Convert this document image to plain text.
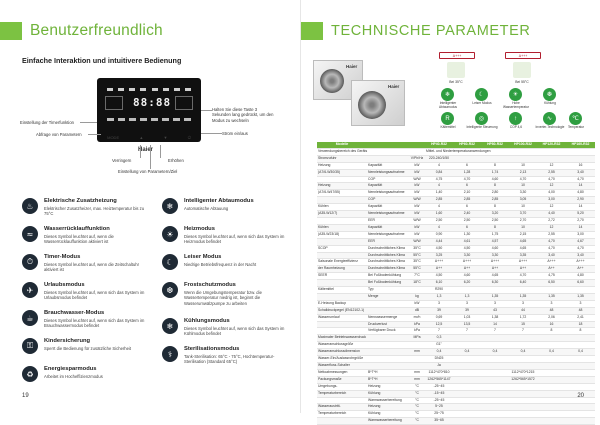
Benutzerfreundlich
Einfache Interaktion und intuitivere Bedienung
88:88
MODE	▲	▼	⏻
Haier
Einstellung der Timerfunktion
Abfrage von Parametern
Halten Sie diese Taste 3 Sekunden lang gedrückt, um den Modus zu wechseln
Strom ein/aus
Verringern	Erhöhen
Einstellung von Parametern/Ziel
♨
Elektrische Zusatzheizung
Elektrischer Zusatzheizer, max. Heiztemperatur bis zu 75°C
❄
Intelligenter Abtaumodus
Automatische Abtauung
≈
Wasserrücklauffunktion
Dieses Symbol leuchtet auf, wenn die Wasserrücklauffunktion aktiviert ist
☀
Heizmodus
Dieses Symbol leuchtet auf, wenn sich das System im Heizmodus befindet
⏱	Timer-Modus
Dieses Symbol leuchtet auf, wenn die Zeitschaltuhr aktiviert ist
☾
Leiser Modus
Niedrige Betriebsfrequenz in der Nacht
✈
Urlaubsmodus
Dieses Symbol leuchtet auf, wenn sich das System im Urlaubsmodus befindet
❆
Frostschutzmodus
Wenn die Umgebungstemperatur bzw. die Wassertemperatur niedrig ist, beginnt die Wasserumwälzpumpe zu arbeiten
☕
Brauchwasser-Modus
Dieses Symbol leuchtet auf, wenn sich das System im Brauchwassermodus befindet	❄
Kühlungsmodus
Dieses Symbol leuchtet auf, wenn sich das System im Kühlmodus befindet
⚿	Kindersicherung
Sperrt die Bedienung für zusätzliche Sicherheit
⚕
Sterilisationsmodus
Tank-Sterilisation: 65°C - 75°C, Hochtemperatur-Sterilisation (Standard 65°C)
♻
Energiesparmodus
Arbeitet im Hocheffizienzmodus
19
TECHNISCHE PARAMETER
Haier
Haier
A+++	A+++
Bei 35°C	Bei 55°C
❄
Intelligenter Abtaumodus
☾
Leiser Modus
☀
Hohe Wassertemperatur
❆
Kühlung
R
Kältemittel
◎
Intelligente Steuerung
↑
COP 4,6
∿
Inverter-Technologie
℃
Temperatur
Modelle			HP40-R32	HP60-R32	HP80-R32	HP100-R32	HP120-R32	HP160-R32
Verwendungsbereich des Geräts			Mittel- und Niedertemperaturanwendungen					
Stromzufuhr		V/Ph/Hz	220-240/1/50					
Heizung	Kapazität	kW	4	6	8	10	12	16
(A7/6-W30/35)	Nennleistungsaufnahme	kW	0,84	1,28	1,74	2,13	2,55	3,40
	COP	W/W	4,75	4,70	4,60	4,70	4,70	4,70
Heizung	Kapazität	kW	4	6	8	10	12	14
(A7/6-W47/55)	Nennleistungsaufnahme	kW	1,40	2,10	2,80	3,30	4,00	4,80
	COP	W/W	2,85	2,85	2,85	3,05	3,00	2,90
Kühlen	Kapazität	kW	4	6	8	10	12	14
(A35-W12/7)	Nennleistungsaufnahme	kW	1,60	2,40	3,20	3,70	4,40	5,20
	EER	W/W	2,50	2,50	2,50	2,70	2,72	2,70
Kühlen	Kapazität	kW	4	6	8	10	12	14
(A35-W23/18)	Nennleistungsaufnahme	kW	0,90	1,30	1,75	2,15	2,55	3,00
	EER	W/W	4,44	4,61	4,57	4,65	4,70	4,67
SCOP	Durchschnittliches Klima	35°C	4,50	4,50	4,60	4,65	4,70	4,70
	Durchschnittliches Klima	55°C	3,25	3,30	3,30	3,35	3,40	3,40
Saisonale Energieeffizienz	Durchschnittliches Klima	35°C	A+++	A+++	A+++	A+++	A+++	A+++
der Raumheizung	Durchschnittliches Klima	55°C	A++	A++	A++	A++	A++	A++
SEER	Bei Fußbodenkühlung	7°C	4,50	4,60	4,65	4,70	4,75	4,80
	Bei Fußbodenkühlung	18°C	6,10	6,20	6,30	6,40	6,50	6,60
Kältemittel	Typ		R290					
	Menge	kg	1,3	1,3	1,35	1,35	1,35	1,35
E-Heizung Backup		kW	3	3	3	3	3	3
Schalldruckpegel (EN12102-1)		dB	39	39	43	44	48	48
Wasserumlauf	Nennwassermenge	m³/h	0,69	1,03	1,38	1,72	2,06	2,41
	Druckverlust	kPa	12,5	13,5	14	15	16	18
	Verfügbarer Druck	kPa	7	7	7	7	8	8
Maximaler Betriebswasserdruck		MPa	0,3					
Wasseranschlussgröße			G1"					
Wasseranschlussdimension		mm	0,4	0,4	0,4	0,4	0,4	0,4
Wasser-Ein/Auslassrohrgröße			DN25					
Wasserfluss-Schalter			Ja					
Nettoabmessungen	B*T*H	mm	1112*470*810			1112*470*1215		
Packungsmaße	B*T*H	mm	1262*565*1147			1262*565*1572		
Umgebungs-	Heizung	°C	-25~45					
Temperaturbereich	Kühlung	°C	-15~45					
	Warmwasserbereitung	°C	-25~45					
Wasseraustritt-	Heizung	°C	5~25					
Temperaturbereich	Kühlung	°C	25~75					
	Warmwasserbereitung	°C	35~65					
20
